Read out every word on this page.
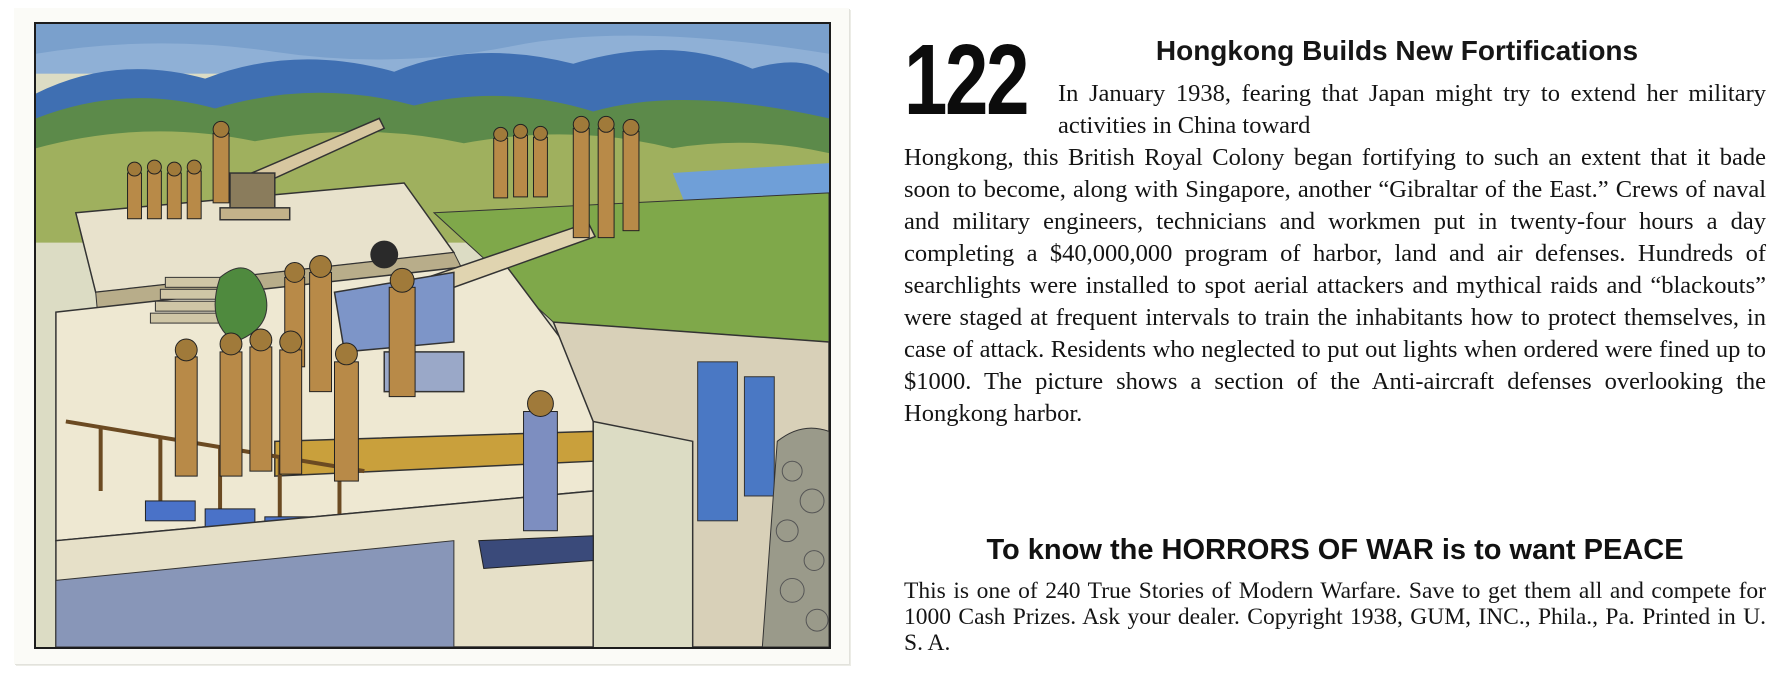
122	Hongkong Builds New Fortifications
In January 1938, fearing that Japan might try to extend her military activities in China toward
Hongkong, this British Royal Colony began fortifying to such an extent that it bade soon to become, along with Singapore, another “Gibraltar of the East.” Crews of naval and military engineers, technicians and workmen put in twenty-four hours a day completing a $40,000,000 program of harbor, land and air defenses. Hundreds of searchlights were installed to spot aerial attackers and mythical raids and “blackouts” were staged at frequent intervals to train the inhabitants how to protect themselves, in case of attack. Residents who neglected to put out lights when ordered were fined up to $1000. The picture shows a section of the Anti-aircraft defenses overlooking the Hongkong harbor.
To know the HORRORS OF WAR is to want PEACE
This is one of 240 True Stories of Modern Warfare. Save to get them all and compete for 1000 Cash Prizes. Ask your dealer. Copyright 1938, GUM, INC., Phila., Pa. Printed in U. S. A.
